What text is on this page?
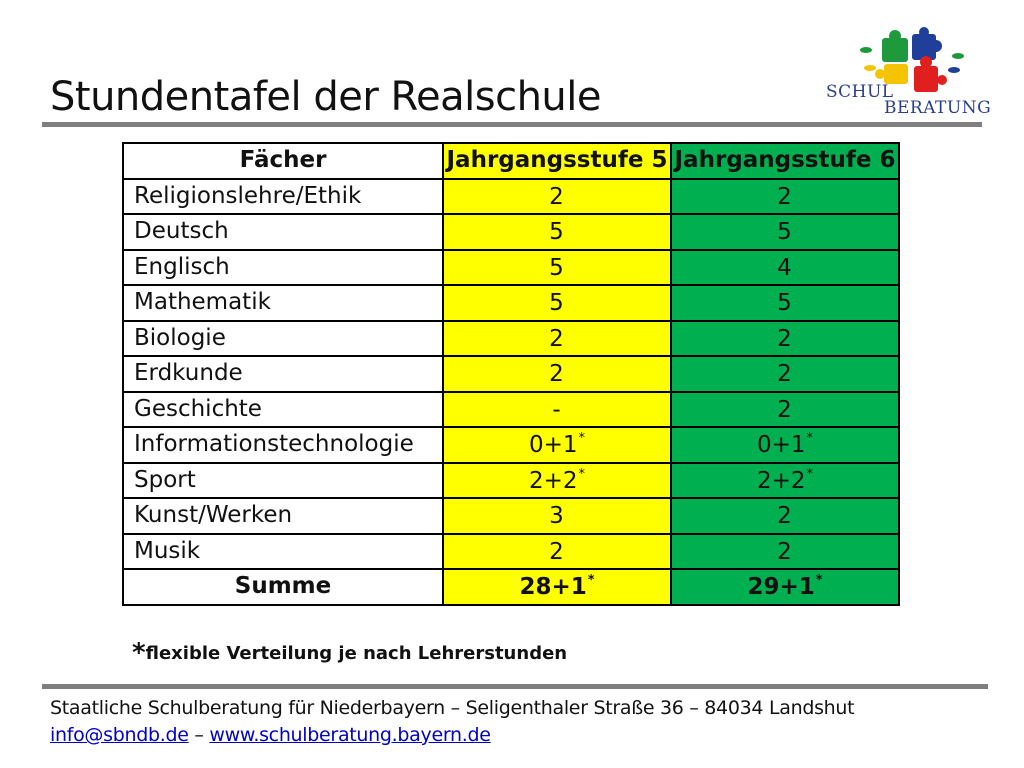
Stundentafel der Realschule	SCHUL
BERATUNG
Fächer	Jahrgangsstufe 5	Jahrgangsstufe 6
Religionslehre/Ethik	2	2
Deutsch	5	5
Englisch	5	4
Mathematik	5	5
Biologie	2	2
Erdkunde	2	2
Geschichte	-	2
Informationstechnologie	0+1*	0+1*
Sport	2+2*	2+2*
Kunst/Werken	3	2
Musik	2	2
Summe	28+1*	29+1*
*flexible Verteilung je nach Lehrerstunden
Staatliche Schulberatung für Niederbayern – Seligenthaler Straße 36 – 84034 Landshut
info@sbndb.de – www.schulberatung.bayern.de
